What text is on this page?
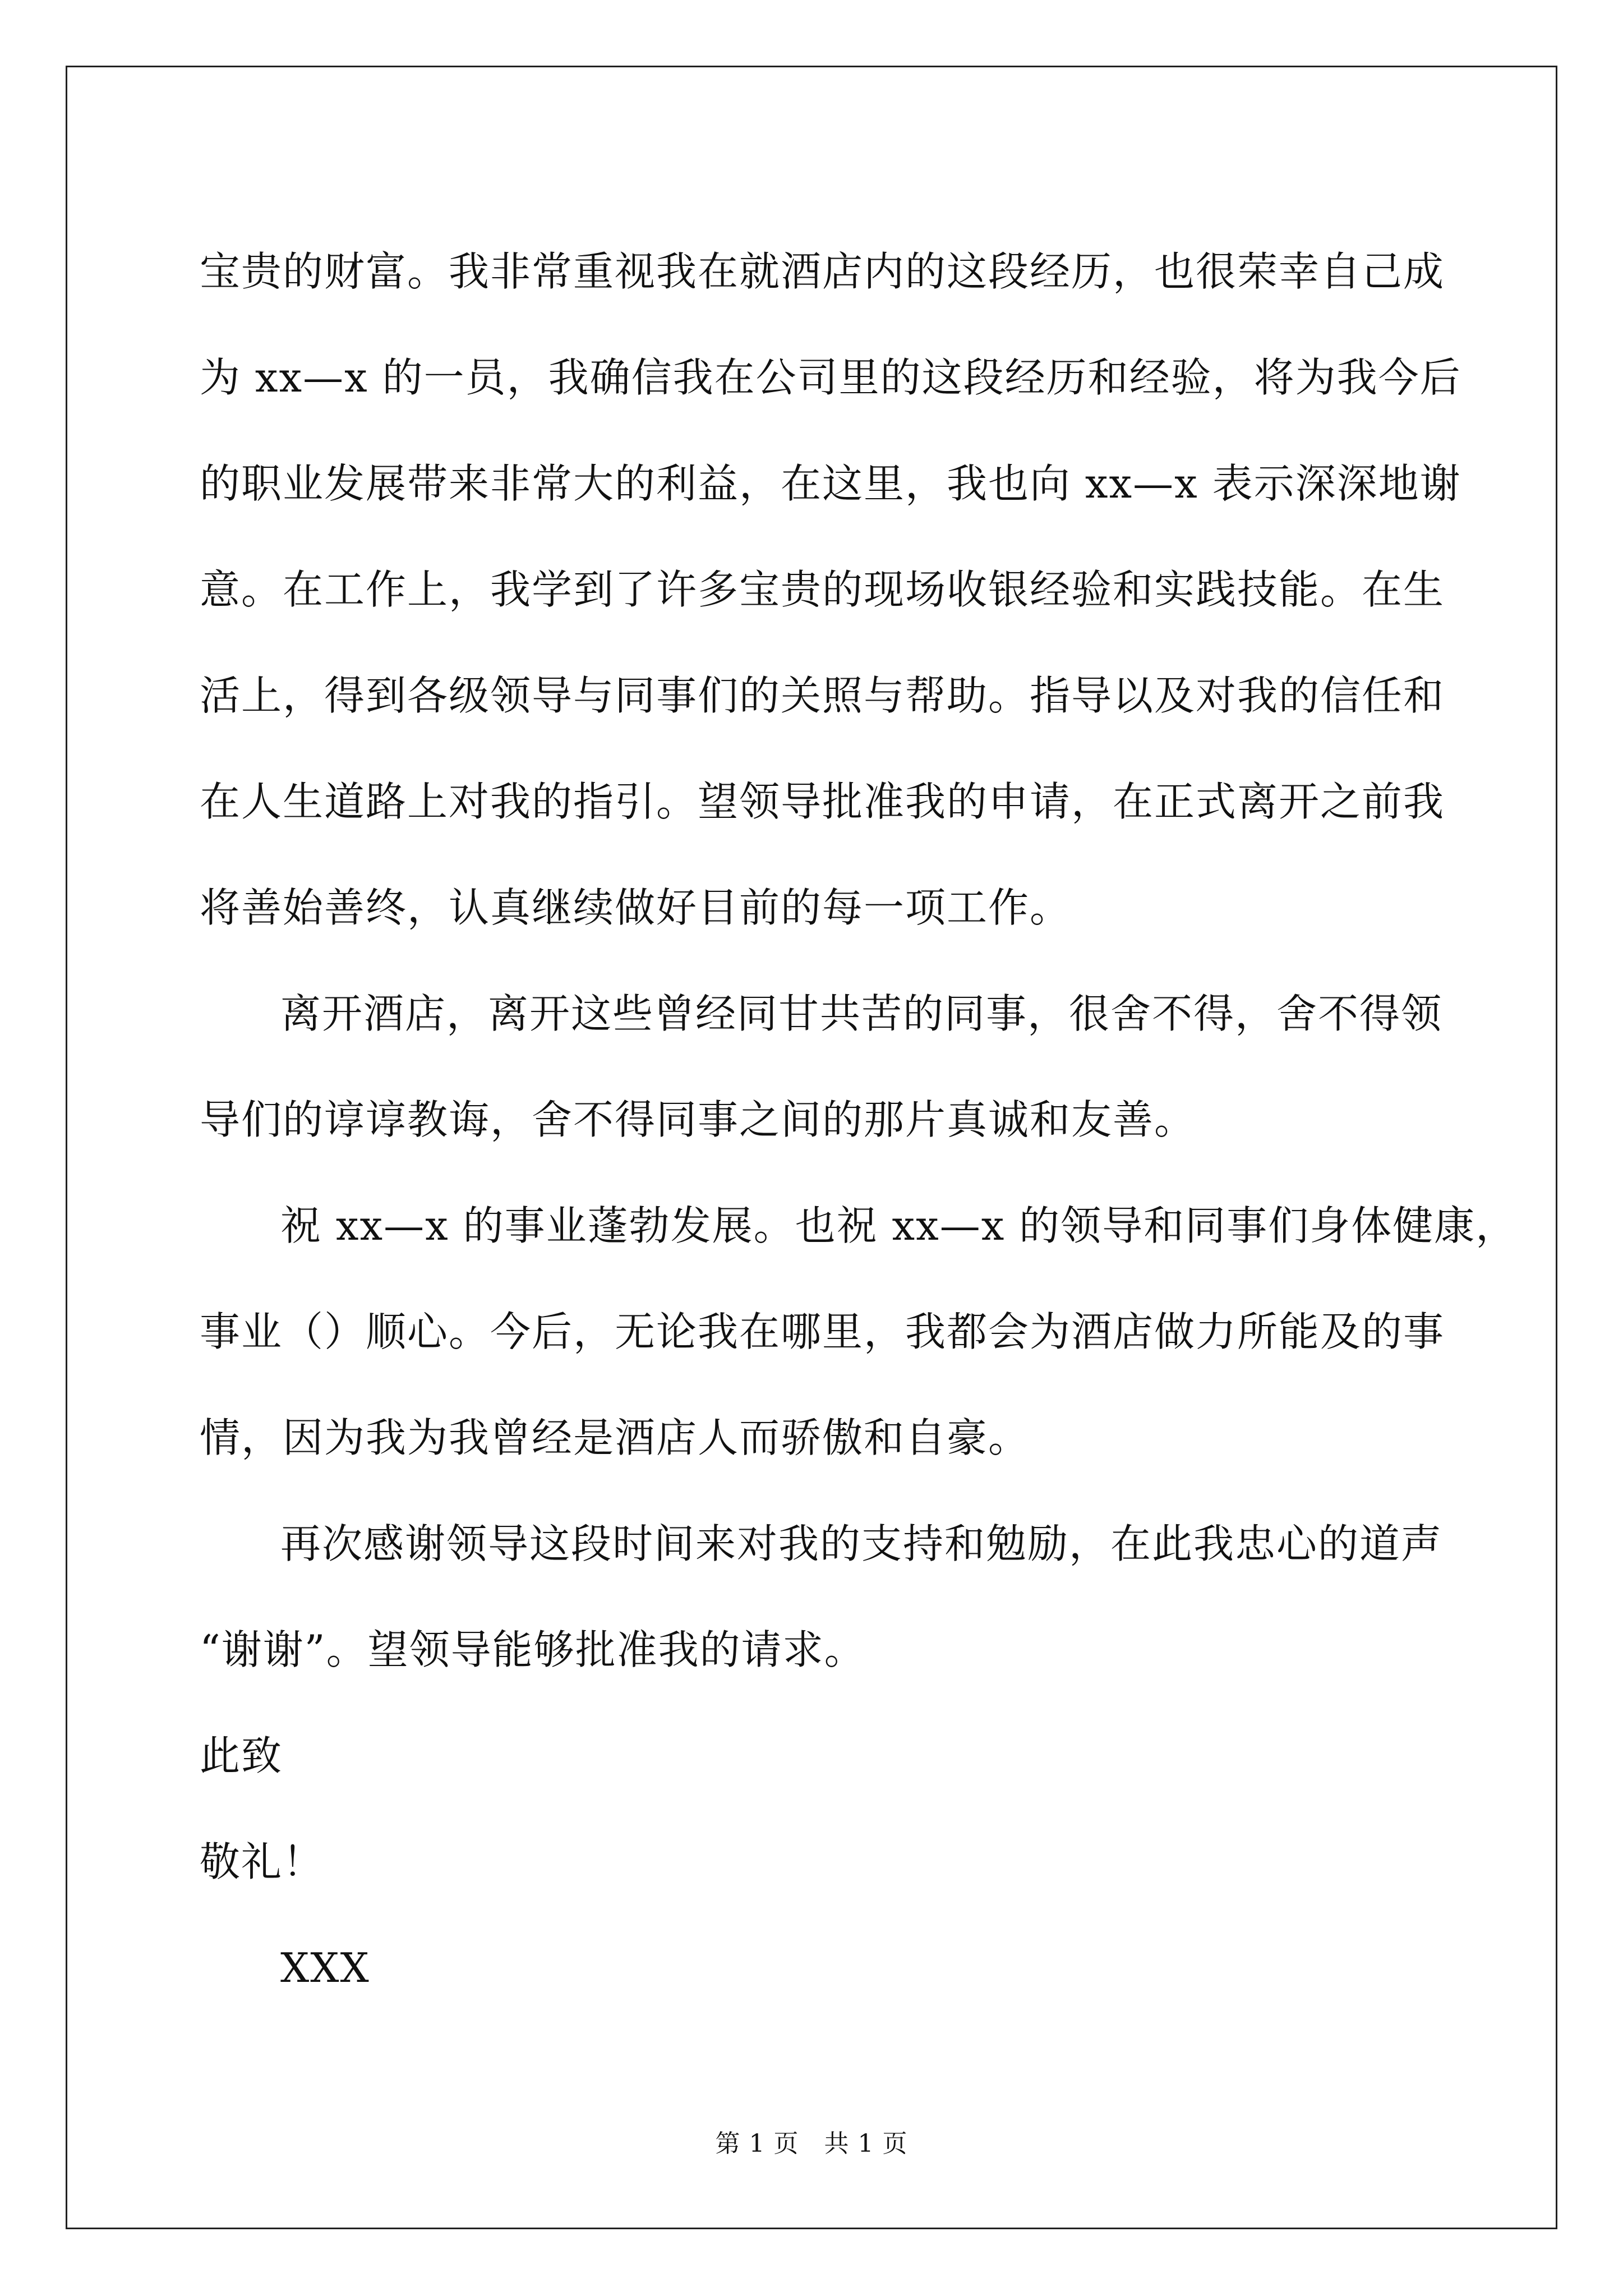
宝贵的财富。我非常重视我在就酒店内的这段经历，也很荣幸自己成
为 xx—x 的一员，我确信我在公司里的这段经历和经验，将为我今后
的职业发展带来非常大的利益，在这里，我也向 xx—x 表示深深地谢
意。在工作上，我学到了许多宝贵的现场收银经验和实践技能。在生
活上，得到各级领导与同事们的关照与帮助。指导以及对我的信任和
在人生道路上对我的指引。望领导批准我的申请，在正式离开之前我
将善始善终，认真继续做好目前的每一项工作。
离开酒店，离开这些曾经同甘共苦的同事，很舍不得，舍不得领
导们的谆谆教诲，舍不得同事之间的那片真诚和友善。
祝 xx—x 的事业蓬勃发展。也祝 xx—x 的领导和同事们身体健康，
事业（）顺心。今后，无论我在哪里，我都会为酒店做力所能及的事
情，因为我为我曾经是酒店人而骄傲和自豪。
再次感谢领导这段时间来对我的支持和勉励，在此我忠心的道声
“谢谢”。望领导能够批准我的请求。
此致
敬礼！
XXX
第 1 页　共 1 页
